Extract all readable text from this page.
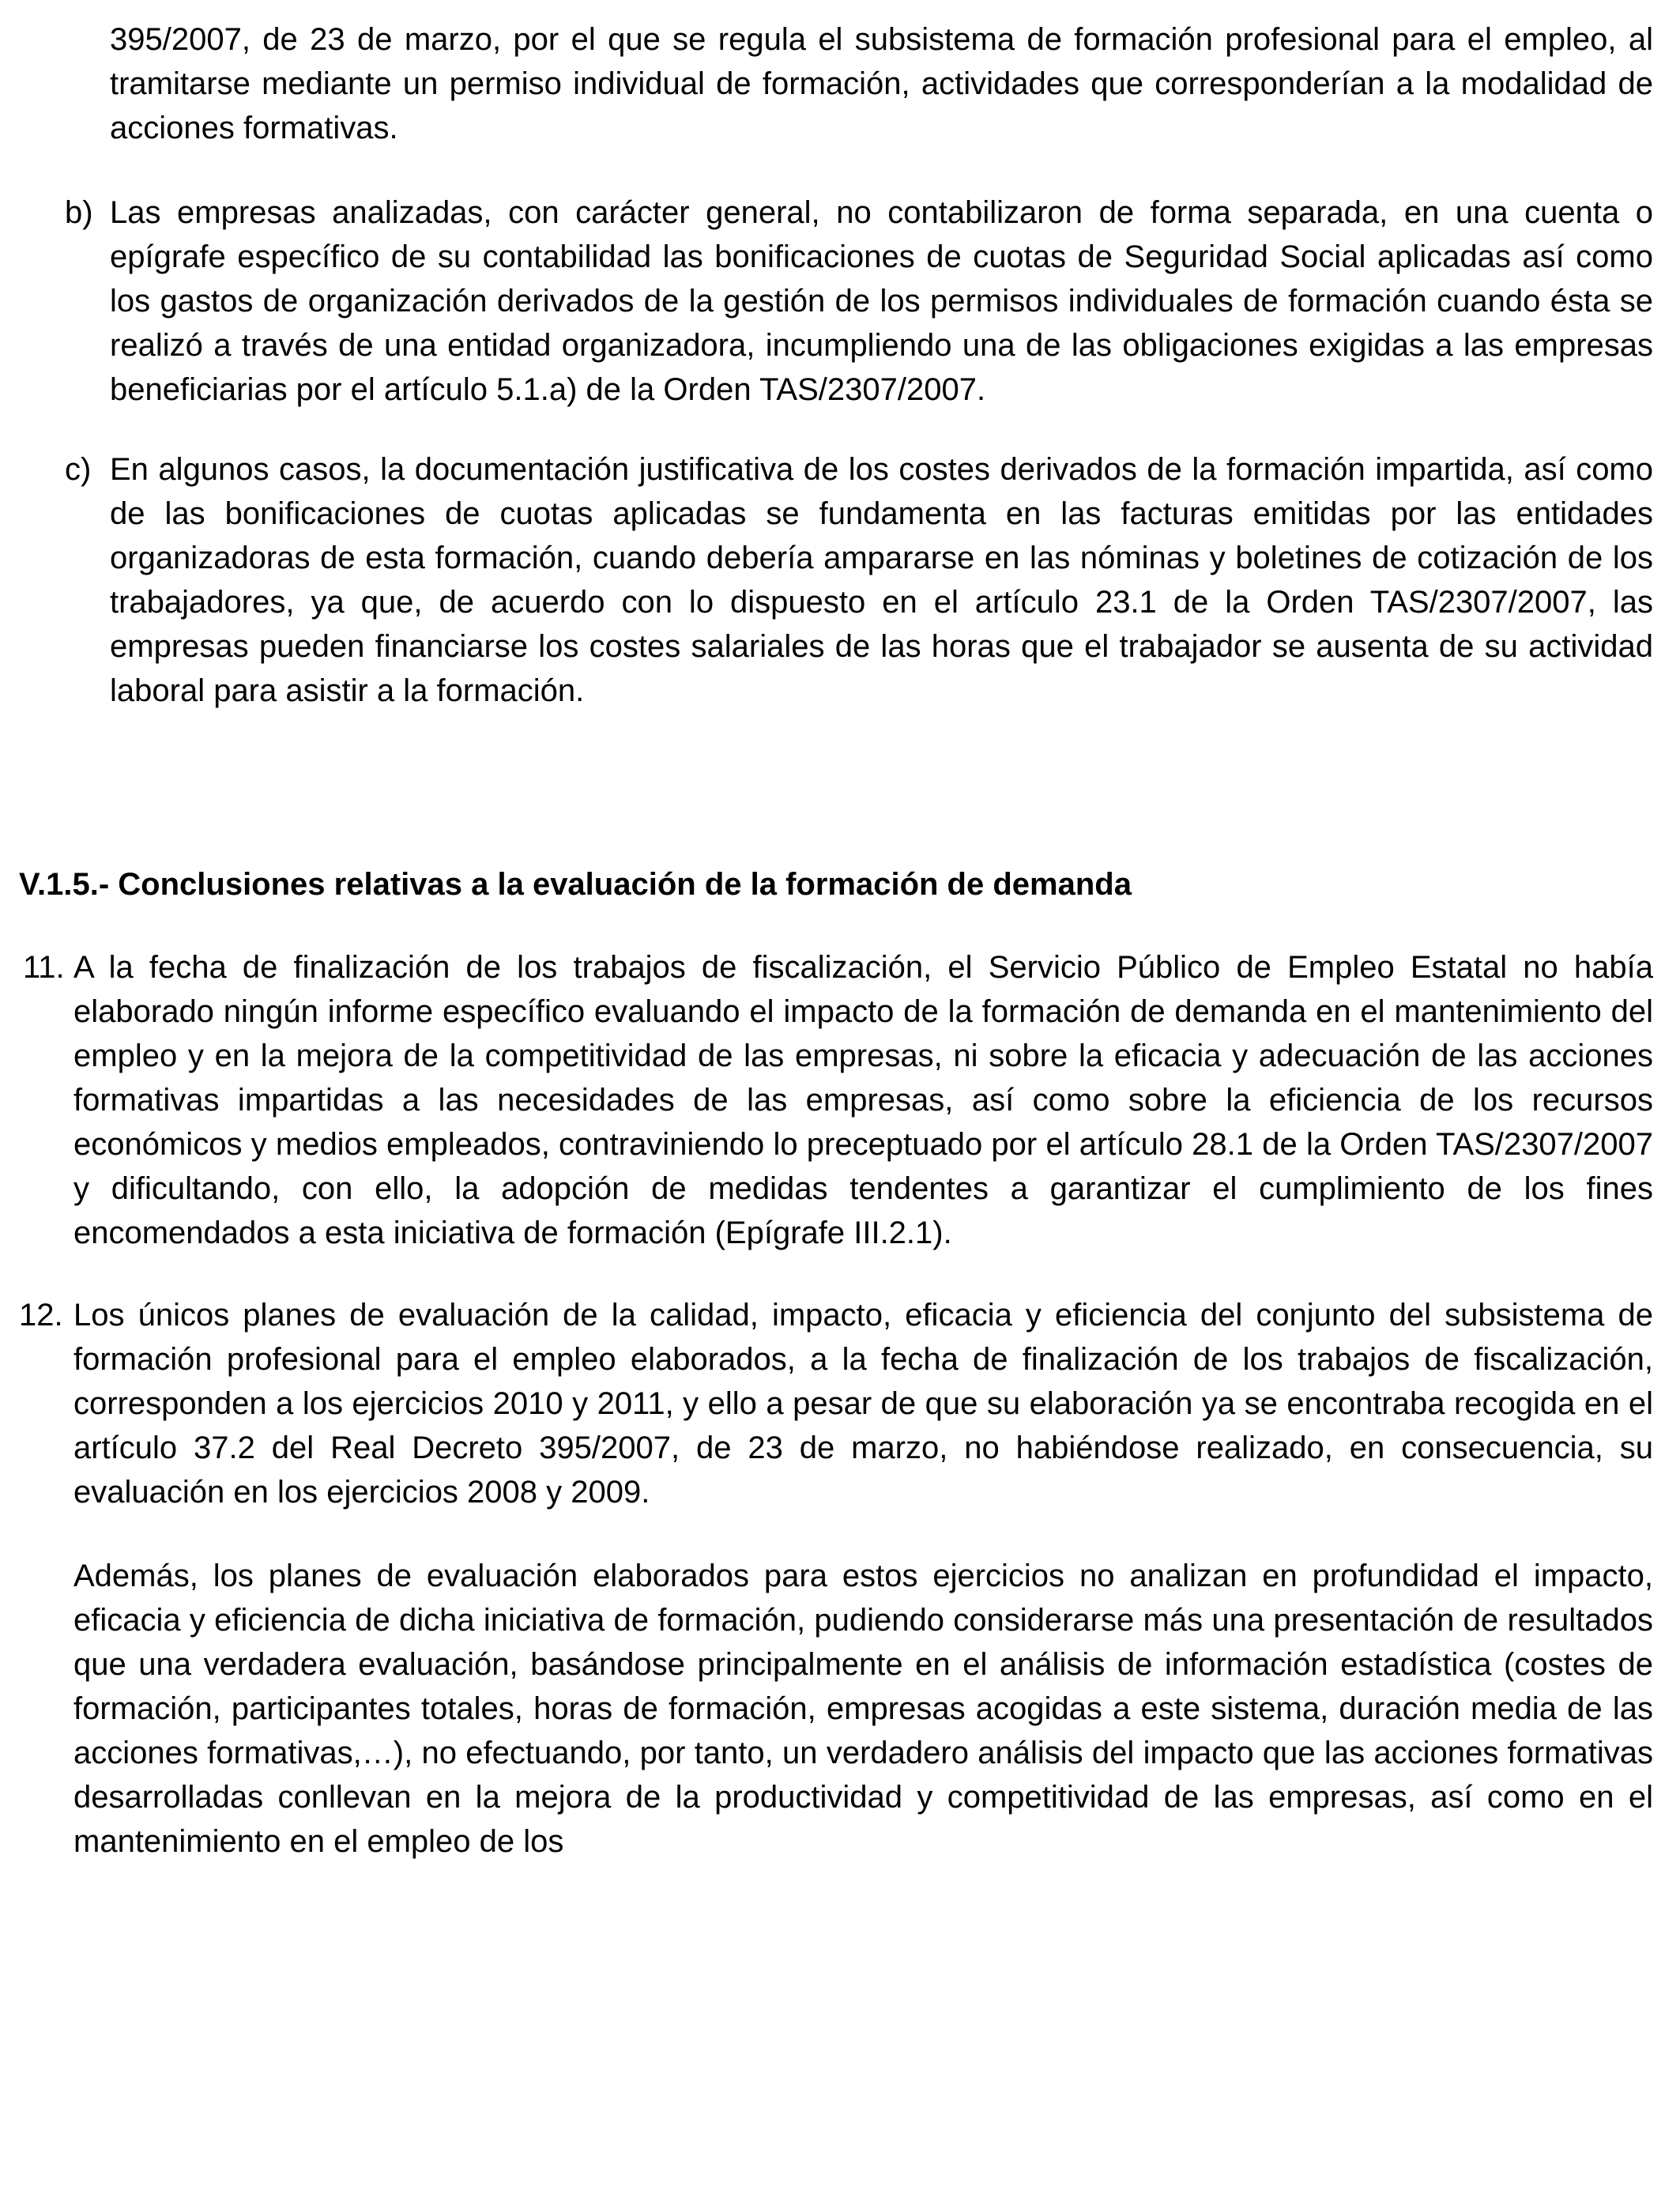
395/2007, de 23 de marzo, por el que se regula el subsistema de formación profesional para el empleo, al tramitarse mediante un permiso individual de formación, actividades que corresponderían a la modalidad de acciones formativas.

b) Las empresas analizadas, con carácter general, no contabilizaron de forma separada, en una cuenta o epígrafe específico de su contabilidad las bonificaciones de cuotas de Seguridad Social aplicadas así como los gastos de organización derivados de la gestión de los permisos individuales de formación cuando ésta se realizó a través de una entidad organizadora, incumpliendo una de las obligaciones exigidas a las empresas beneficiarias por el artículo 5.1.a) de la Orden TAS/2307/2007.

c) En algunos casos, la documentación justificativa de los costes derivados de la formación impartida, así como de las bonificaciones de cuotas aplicadas se fundamenta en las facturas emitidas por las entidades organizadoras de esta formación, cuando debería ampararse en las nóminas y boletines de cotización de los trabajadores, ya que, de acuerdo con lo dispuesto en el artículo 23.1 de la Orden TAS/2307/2007, las empresas pueden financiarse los costes salariales de las horas que el trabajador se ausenta de su actividad laboral para asistir a la formación.

V.1.5.- Conclusiones relativas a la evaluación de la formación de demanda
11. A la fecha de finalización de los trabajos de fiscalización, el Servicio Público de Empleo Estatal no había elaborado ningún informe específico evaluando el impacto de la formación de demanda en el mantenimiento del empleo y en la mejora de la competitividad de las empresas, ni sobre la eficacia y adecuación de las acciones formativas impartidas a las necesidades de las empresas, así como sobre la eficiencia de los recursos económicos y medios empleados, contraviniendo lo preceptuado por el artículo 28.1 de la Orden TAS/2307/2007 y dificultando, con ello, la adopción de medidas tendentes a garantizar el cumplimiento de los fines encomendados a esta iniciativa de formación (Epígrafe III.2.1).

12. Los únicos planes de evaluación de la calidad, impacto, eficacia y eficiencia del conjunto del subsistema de formación profesional para el empleo elaborados, a la fecha de finalización de los trabajos de fiscalización, corresponden a los ejercicios 2010 y 2011, y ello a pesar de que su elaboración ya se encontraba recogida en el artículo 37.2 del Real Decreto 395/2007, de 23 de marzo, no habiéndose realizado, en consecuencia, su evaluación en los ejercicios 2008 y 2009.

Además, los planes de evaluación elaborados para estos ejercicios no analizan en profundidad el impacto, eficacia y eficiencia de dicha iniciativa de formación, pudiendo considerarse más una presentación de resultados que una verdadera evaluación, basándose principalmente en el análisis de información estadística (costes de formación, participantes totales, horas de formación, empresas acogidas a este sistema, duración media de las acciones formativas,…), no efectuando, por tanto, un verdadero análisis del impacto que las acciones formativas desarrolladas conllevan en la mejora de la productividad y competitividad de las empresas, así como en el mantenimiento en el empleo de los
